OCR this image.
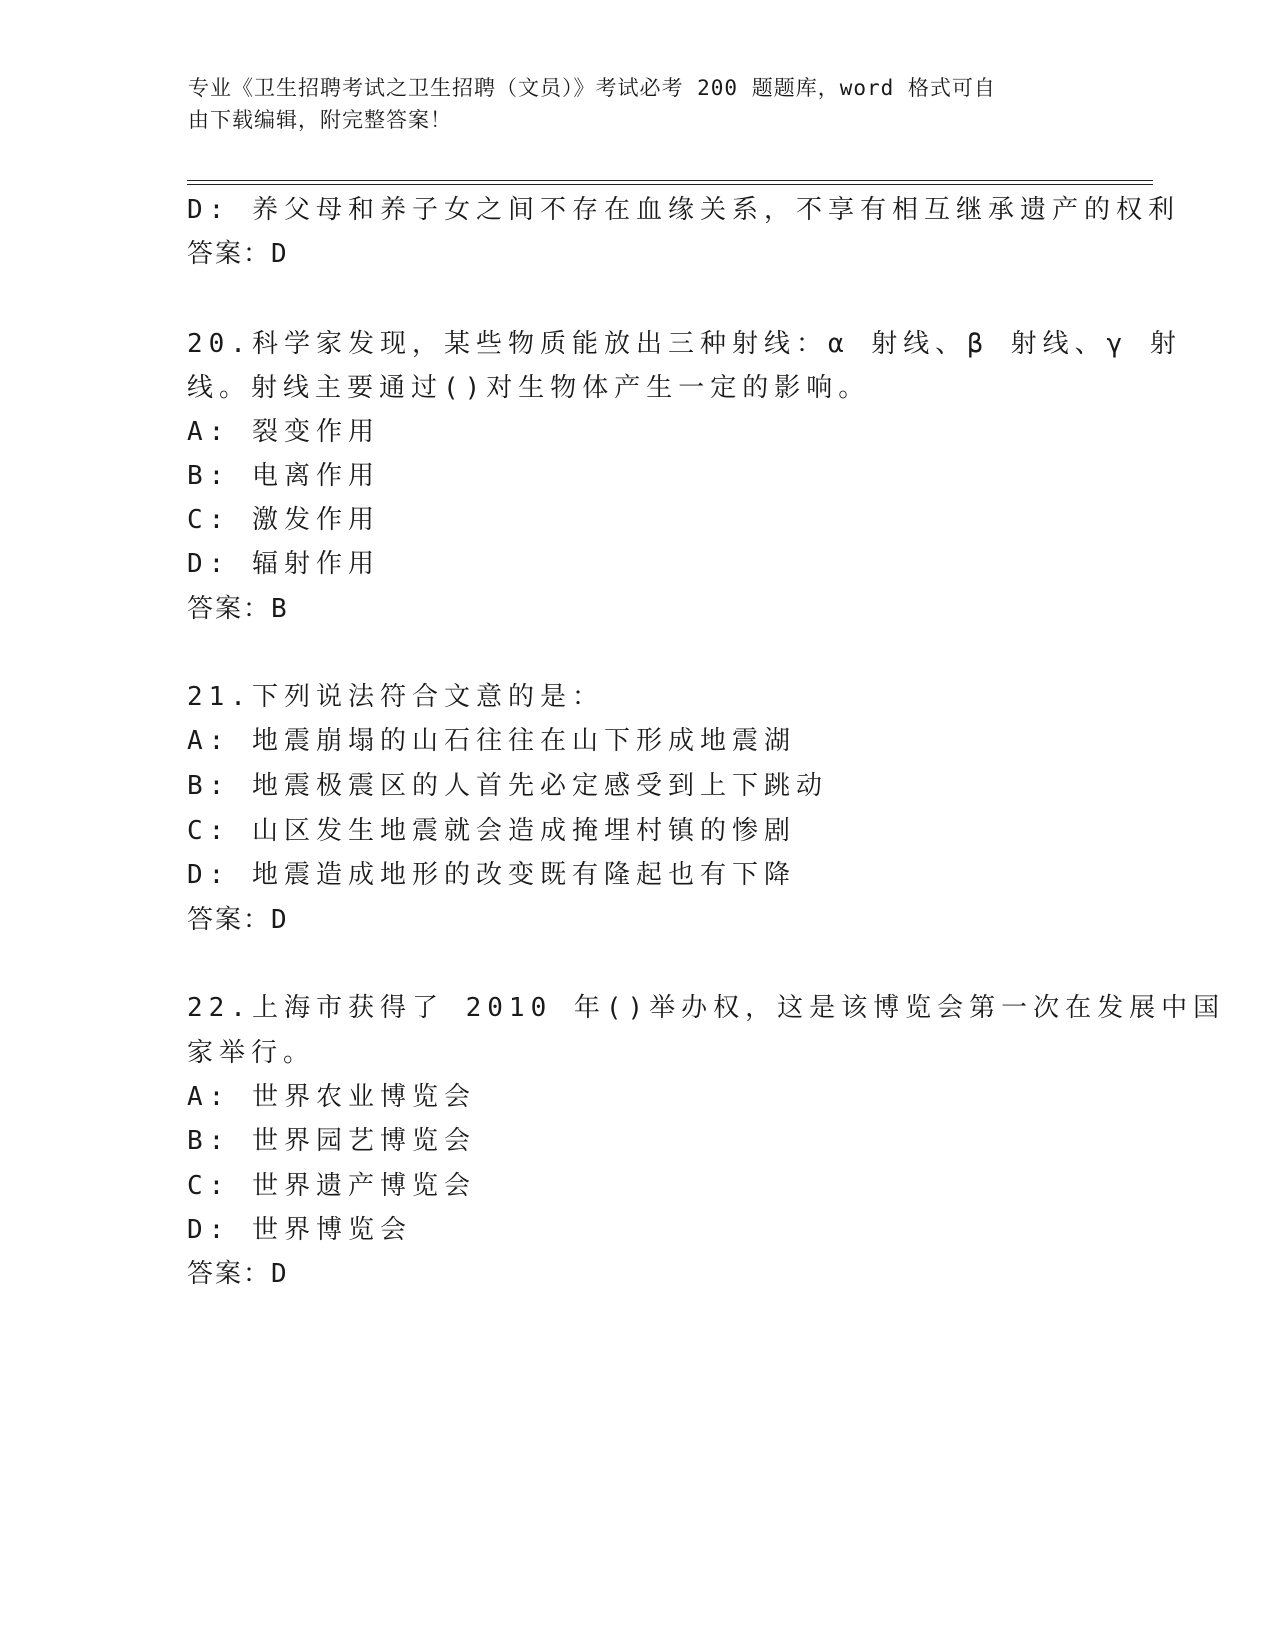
专业《卫生招聘考试之卫生招聘（文员）》考试必考 200 题题库，word 格式可自
由下载编辑，附完整答案！
D: 养父母和养子女之间不存在血缘关系，不享有相互继承遗产的权利
答案：D
20.科学家发现，某些物质能放出三种射线：α 射线、β 射线、γ 射
线。射线主要通过()对生物体产生一定的影响。
A: 裂变作用
B: 电离作用
C: 激发作用
D: 辐射作用
答案：B
21.下列说法符合文意的是：
A: 地震崩塌的山石往往在山下形成地震湖
B: 地震极震区的人首先必定感受到上下跳动
C: 山区发生地震就会造成掩埋村镇的惨剧
D: 地震造成地形的改变既有隆起也有下降
答案：D
22.上海市获得了 2010 年()举办权，这是该博览会第一次在发展中国
家举行。
A: 世界农业博览会
B: 世界园艺博览会
C: 世界遗产博览会
D: 世界博览会
答案：D
